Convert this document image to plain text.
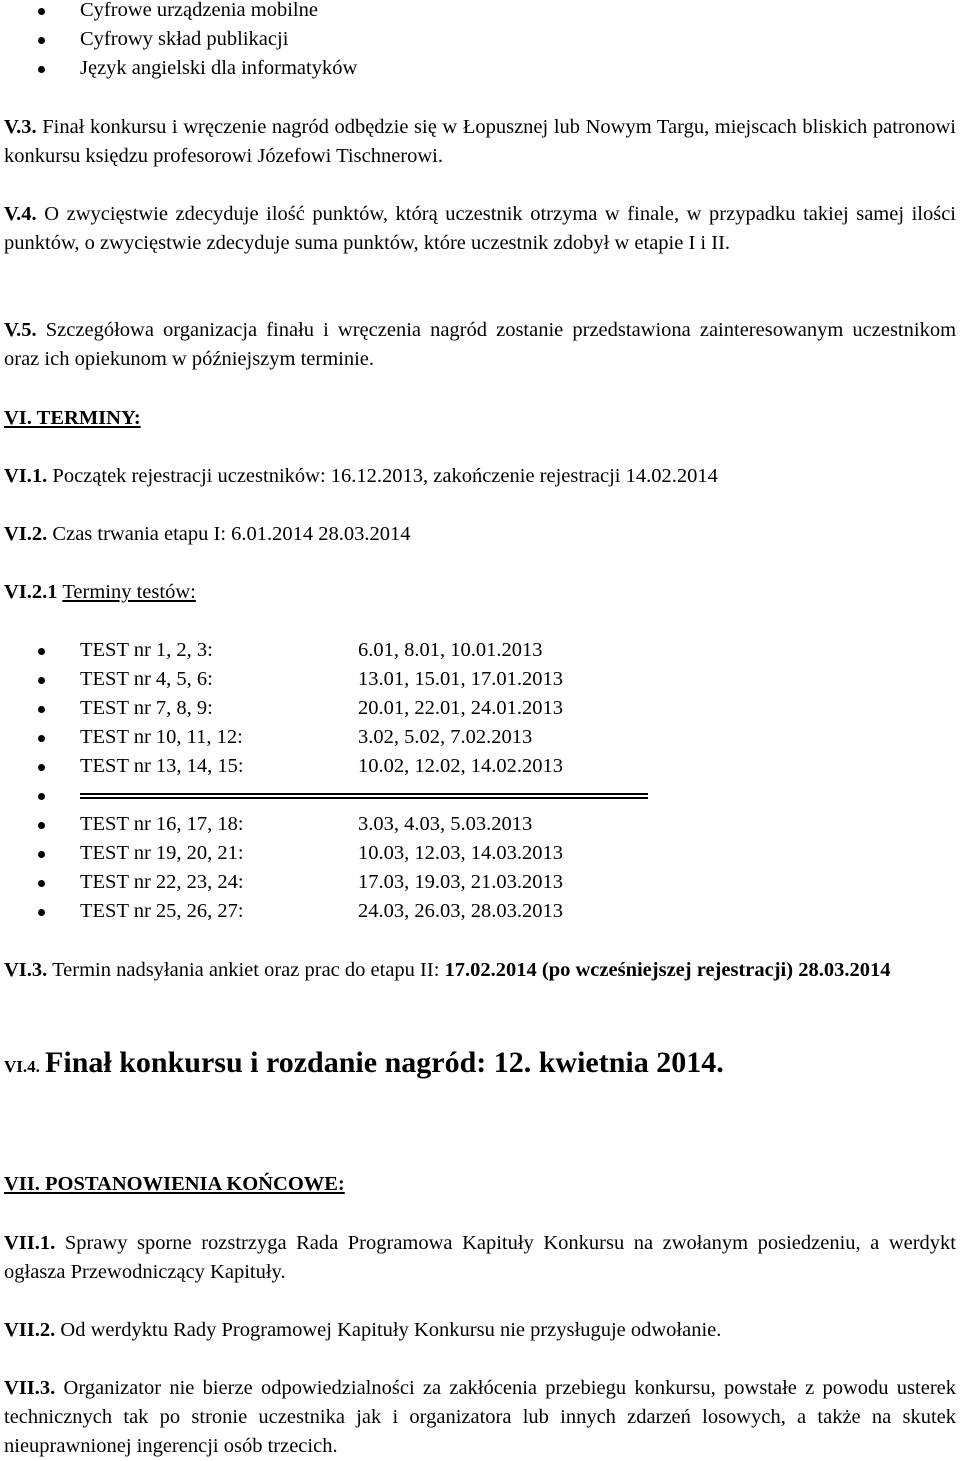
Cyfrowe urządzenia mobilne
Cyfrowy skład publikacji
Język angielski dla informatyków
V.3. Finał konkursu i wręczenie nagród odbędzie się w Łopusznej lub Nowym Targu, miejscach bliskich patronowi konkursu księdzu profesorowi Józefowi Tischnerowi.
V.4. O zwycięstwie zdecyduje ilość punktów, którą uczestnik otrzyma w finale, w przypadku takiej samej ilości punktów, o zwycięstwie zdecyduje suma punktów, które uczestnik zdobył w etapie I i II.
V.5. Szczegółowa organizacja finału i wręczenia nagród zostanie przedstawiona zainteresowanym uczestnikom oraz ich opiekunom w późniejszym terminie.
VI. TERMINY:
VI.1. Początek rejestracji uczestników: 16.12.2013, zakończenie rejestracji 14.02.2014
VI.2. Czas trwania etapu I: 6.01.2014 28.03.2014
VI.2.1 Terminy testów:
TEST nr 1, 2, 3:	6.01, 8.01, 10.01.2013
TEST nr 4, 5, 6:	13.01, 15.01, 17.01.2013
TEST nr 7, 8, 9:	20.01, 22.01, 24.01.2013
TEST nr 10, 11, 12:	3.02, 5.02, 7.02.2013
TEST nr 13, 14, 15:	10.02, 12.02, 14.02.2013
TEST nr 16, 17, 18:	3.03, 4.03, 5.03.2013
TEST nr 19, 20, 21:	10.03, 12.03, 14.03.2013
TEST nr 22, 23, 24:	17.03, 19.03, 21.03.2013
TEST nr 25, 26, 27:	24.03, 26.03, 28.03.2013
VI.3. Termin nadsyłania ankiet oraz prac do etapu II: 17.02.2014 (po wcześniejszej rejestracji) 28.03.2014
VI.4. Finał konkursu i rozdanie nagród: 12. kwietnia 2014.
VII. POSTANOWIENIA KOŃCOWE:
VII.1. Sprawy sporne rozstrzyga Rada Programowa Kapituły Konkursu na zwołanym posiedzeniu, a werdykt ogłasza Przewodniczący Kapituły.
VII.2. Od werdyktu Rady Programowej Kapituły Konkursu nie przysługuje odwołanie.
VII.3. Organizator nie bierze odpowiedzialności za zakłócenia przebiegu konkursu, powstałe z powodu usterek technicznych tak po stronie uczestnika jak i organizatora lub innych zdarzeń losowych, a także na skutek nieuprawnionej ingerencji osób trzecich.
